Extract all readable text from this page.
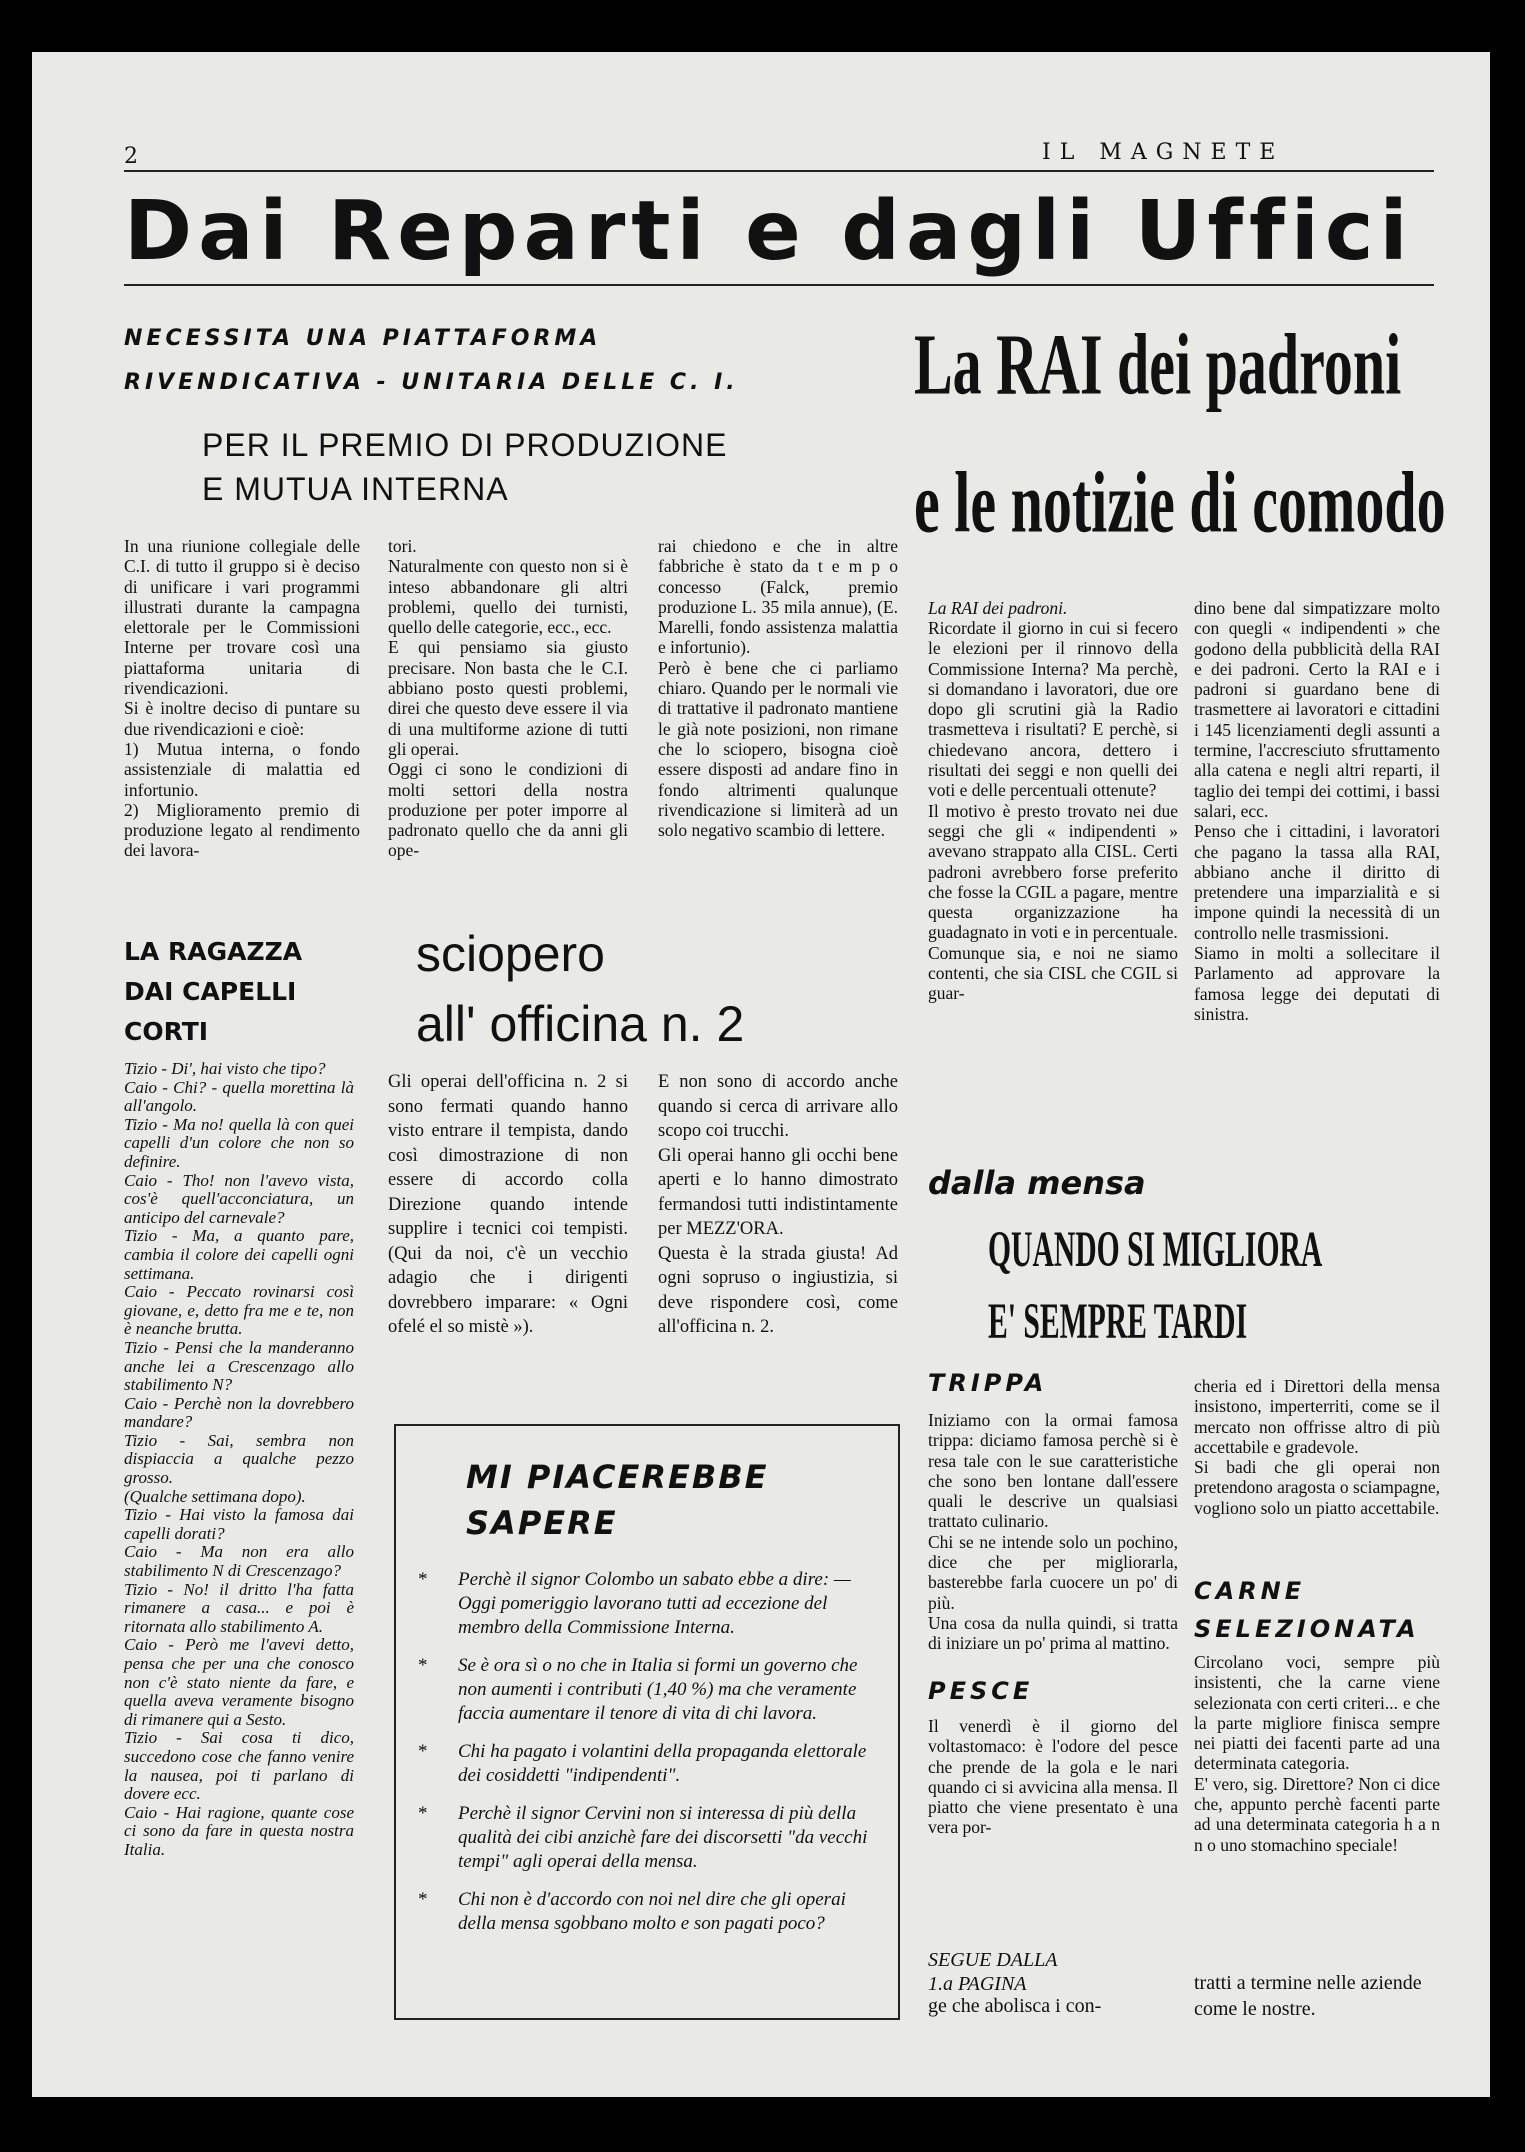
2	IL MAGNETE
Dai Reparti e dagli Uffici
NECESSITA UNA PIATTAFORMA
RIVENDICATIVA - UNITARIA DELLE C. I.
PER IL PREMIO DI PRODUZIONE
E MUTUA INTERNA
In una riunione collegiale delle C.I. di tutto il gruppo si è deciso di unificare i vari programmi illustrati durante la campagna elettorale per le Commissioni Interne per trovare così una piattaforma unitaria di rivendicazioni.
Si è inoltre deciso di puntare su due rivendicazioni e cioè:
1) Mutua interna, o fondo assistenziale di malattia ed infortunio.
2) Miglioramento premio di produzione legato al rendimento dei lavora-
tori.
Naturalmente con questo non si è inteso abbandonare gli altri problemi, quello dei turnisti, quello delle categorie, ecc., ecc.
E qui pensiamo sia giusto precisare. Non basta che le C.I. abbiano posto questi problemi, direi che questo deve essere il via di una multiforme azione di tutti gli operai.
Oggi ci sono le condizioni di molti settori della nostra produzione per poter imporre al padronato quello che da anni gli ope-
rai chiedono e che in altre fabbriche è stato da t e m p o concesso (Falck, premio produzione L. 35 mila annue), (E. Marelli, fondo assistenza malattia e infortunio).
Però è bene che ci parliamo chiaro. Quando per le normali vie di trattative il padronato mantiene le già note posizioni, non rimane che lo sciopero, bisogna cioè essere disposti ad andare fino in fondo altrimenti qualunque rivendicazione si limiterà ad un solo negativo scambio di lettere.
La RAI dei padroni
e le notizie di comodo
La RAI dei padroni.
Ricordate il giorno in cui si fecero le elezioni per il rinnovo della Commissione Interna? Ma perchè, si domandano i lavoratori, due ore dopo gli scrutini già la Radio trasmetteva i risultati? E perchè, si chiedevano ancora, dettero i risultati dei seggi e non quelli dei voti e delle percentuali ottenute?
Il motivo è presto trovato nei due seggi che gli « indipendenti » avevano strappato alla CISL. Certi padroni avrebbero forse preferito che fosse la CGIL a pagare, mentre questa organizzazione ha guadagnato in voti e in percentuale.
Comunque sia, e noi ne siamo contenti, che sia CISL che CGIL si guar-
dino bene dal simpatizzare molto con quegli « indipendenti » che godono della pubblicità della RAI e dei padroni. Certo la RAI e i padroni si guardano bene di trasmettere ai lavoratori e cittadini i 145 licenziamenti degli assunti a termine, l'accresciuto sfruttamento alla catena e negli altri reparti, il taglio dei tempi dei cottimi, i bassi salari, ecc.
Penso che i cittadini, i lavoratori che pagano la tassa alla RAI, abbiano anche il diritto di pretendere una imparzialità e si impone quindi la necessità di un controllo nelle trasmissioni.
Siamo in molti a sollecitare il Parlamento ad approvare la famosa legge dei deputati di sinistra.
LA RAGAZZA
DAI CAPELLI
CORTI
Tizio - Di', hai visto che tipo?
Caio - Chi? - quella morettina là all'angolo.
Tizio - Ma no! quella là con quei capelli d'un colore che non so definire.
Caio - Tho! non l'avevo vista, cos'è quell'acconciatura, un anticipo del carnevale?
Tizio - Ma, a quanto pare, cambia il colore dei capelli ogni settimana.
Caio - Peccato rovinarsi così giovane, e, detto fra me e te, non è neanche brutta.
Tizio - Pensi che la manderanno anche lei a Crescenzago allo stabilimento N?
Caio - Perchè non la dovrebbero mandare?
Tizio - Sai, sembra non dispiaccia a qualche pezzo grosso.
(Qualche settimana dopo).
Tizio - Hai visto la famosa dai capelli dorati?
Caio - Ma non era allo stabilimento N di Crescenzago?
Tizio - No! il dritto l'ha fatta rimanere a casa... e poi è ritornata allo stabilimento A.
Caio - Però me l'avevi detto, pensa che per una che conosco non c'è stato niente da fare, e quella aveva veramente bisogno di rimanere qui a Sesto.
Tizio - Sai cosa ti dico, succedono cose che fanno venire la nausea, poi ti parlano di dovere ecc.
Caio - Hai ragione, quante cose ci sono da fare in questa nostra Italia.
sciopero
all' officina n. 2
Gli operai dell'officina n. 2 si sono fermati quando hanno visto entrare il tempista, dando così dimostrazione di non essere di accordo colla Direzione quando intende supplire i tecnici coi tempisti. (Qui da noi, c'è un vecchio adagio che i dirigenti dovrebbero imparare: « Ogni ofelé el so mistè »).
E non sono di accordo anche quando si cerca di arrivare allo scopo coi trucchi.
Gli operai hanno gli occhi bene aperti e lo hanno dimostrato fermandosi tutti indistintamente per MEZZ'ORA.
Questa è la strada giusta! Ad ogni sopruso o ingiustizia, si deve rispondere così, come all'officina n. 2.
MI PIACEREBBE
SAPERE
* Perchè il signor Colombo un sabato ebbe a dire: — Oggi pomeriggio lavorano tutti ad eccezione del membro della Commissione Interna.
* Se è ora sì o no che in Italia si formi un governo che non aumenti i contributi (1,40 %) ma che veramente faccia aumentare il tenore di vita di chi lavora.
* Chi ha pagato i volantini della propaganda elettorale dei cosiddetti "indipendenti".
* Perchè il signor Cervini non si interessa di più della qualità dei cibi anzichè fare dei discorsetti "da vecchi tempi" agli operai della mensa.
* Chi non è d'accordo con noi nel dire che gli operai della mensa sgobbano molto e son pagati poco?
dalla mensa
QUANDO SI MIGLIORA
E' SEMPRE TARDI
TRIPPA
Iniziamo con la ormai famosa trippa: diciamo famosa perchè si è resa tale con le sue caratteristiche che sono ben lontane dall'essere quali le descrive un qualsiasi trattato culinario.
Chi se ne intende solo un pochino, dice che per migliorarla, basterebbe farla cuocere un po' di più.
Una cosa da nulla quindi, si tratta di iniziare un po' prima al mattino.
PESCE
Il venerdì è il giorno del voltastomaco: è l'odore del pesce che prende de la gola e le nari quando ci si avvicina alla mensa. Il piatto che viene presentato è una vera por-
cheria ed i Direttori della mensa insistono, imperterriti, come se il mercato non offrisse altro di più accettabile e gradevole.
Si badi che gli operai non pretendono aragosta o sciampagne, vogliono solo un piatto accettabile.
CARNE
SELEZIONATA
Circolano voci, sempre più insistenti, che la carne viene selezionata con certi criteri... e che la parte migliore finisca sempre nei piatti dei facenti parte ad una determinata categoria.
E' vero, sig. Direttore? Non ci dice che, appunto perchè facenti parte ad una determinata categoria h a n n o uno stomachino speciale!
SEGUE DALLA
1.a PAGINA
ge che abolisca i con-
tratti a termine nelle aziende come le nostre.
